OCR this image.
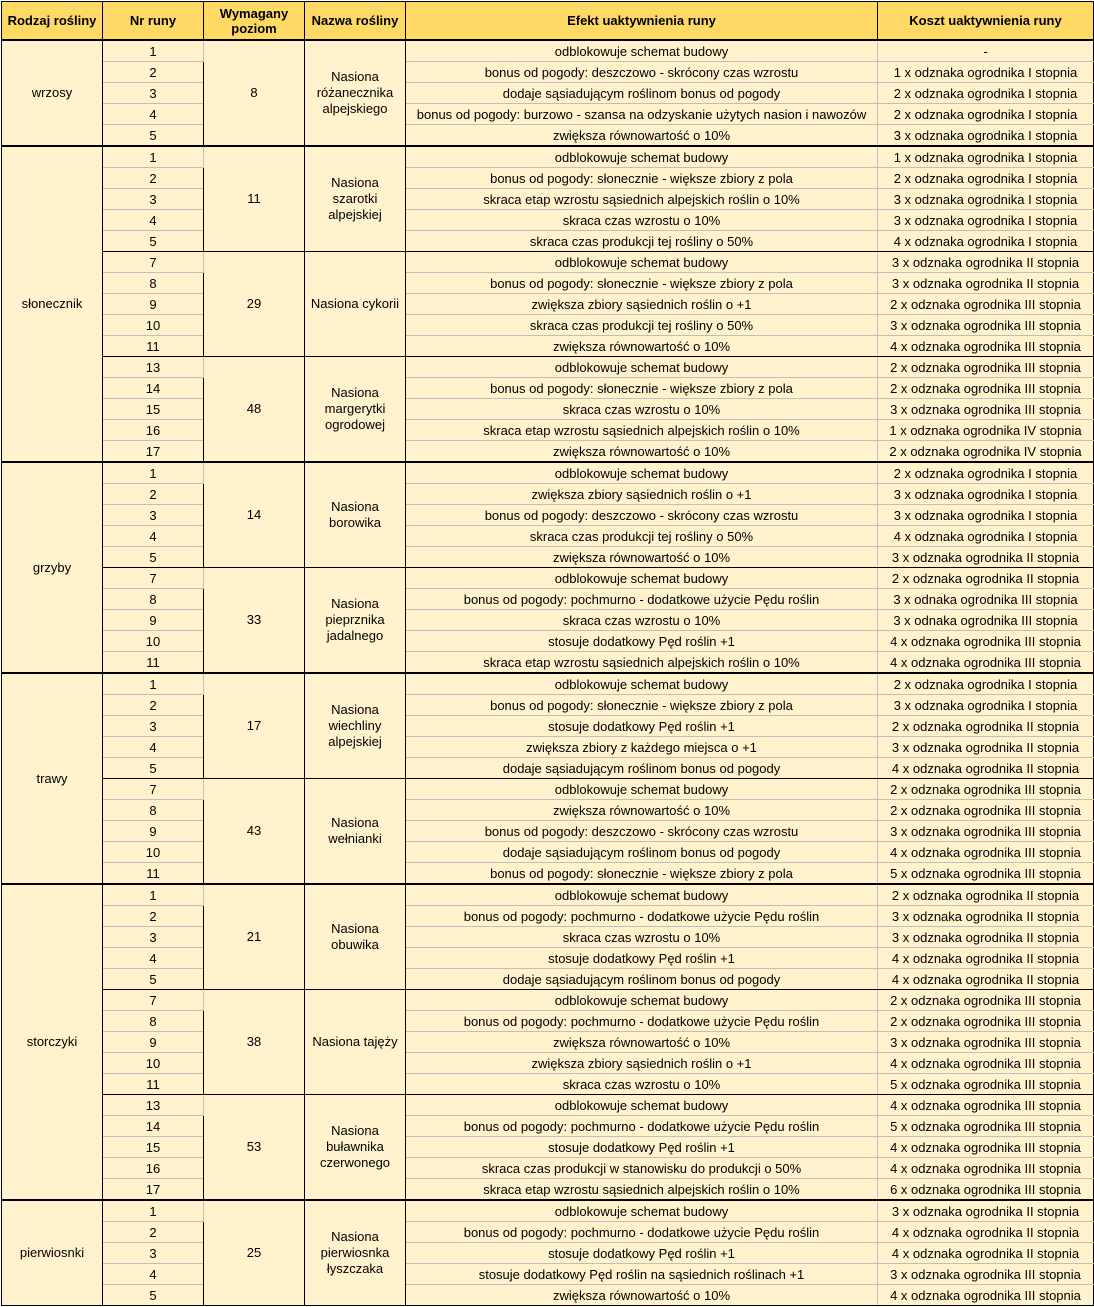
Rodzaj rośliny	Nr runy	Wymagany poziom	Nazwa rośliny	Efekt uaktywnienia runy	Koszt uaktywnienia runy
wrzosy	1	8	Nasiona różanecznika alpejskiego	odblokowuje schemat budowy	-
	2			bonus od pogody: deszczowo - skrócony czas wzrostu	1 x odznaka ogrodnika I stopnia
	3			dodaje sąsiadującym roślinom bonus od pogody	2 x odznaka ogrodnika I stopnia
	4			bonus od pogody: burzowo - szansa na odzyskanie użytych nasion i nawozów	2 x odznaka ogrodnika I stopnia
	5			zwiększa równowartość o 10%	3 x odznaka ogrodnika I stopnia
słonecznik	1	11	Nasiona szarotki alpejskiej	odblokowuje schemat budowy	1 x odznaka ogrodnika I stopnia
	2			bonus od pogody: słonecznie - większe zbiory z pola	2 x odznaka ogrodnika I stopnia
	3			skraca etap wzrostu sąsiednich alpejskich roślin o 10%	3 x odznaka ogrodnika I stopnia
	4			skraca czas wzrostu o 10%	3 x odznaka ogrodnika I stopnia
	5			skraca czas produkcji tej rośliny o 50%	4 x odznaka ogrodnika I stopnia
	7	29	Nasiona cykorii	odblokowuje schemat budowy	3 x odznaka ogrodnika II stopnia
	8			bonus od pogody: słonecznie - większe zbiory z pola	3 x odznaka ogrodnika II stopnia
	9			zwiększa zbiory sąsiednich roślin o +1	2 x odznaka ogrodnika III stopnia
	10			skraca czas produkcji tej rośliny o 50%	3 x odznaka ogrodnika III stopnia
	11			zwiększa równowartość o 10%	4 x odznaka ogrodnika III stopnia
	13	48	Nasiona margerytki ogrodowej	odblokowuje schemat budowy	2 x odznaka ogrodnika III stopnia
	14			bonus od pogody: słonecznie - większe zbiory z pola	2 x odznaka ogrodnika III stopnia
	15			skraca czas wzrostu o 10%	3 x odznaka ogrodnika III stopnia
	16			skraca etap wzrostu sąsiednich alpejskich roślin o 10%	1 x odznaka ogrodnika IV stopnia
	17			zwiększa równowartość o 10%	2 x odznaka ogrodnika IV stopnia
grzyby	1	14	Nasiona borowika	odblokowuje schemat budowy	2 x odznaka ogrodnika I stopnia
	2			zwiększa zbiory sąsiednich roślin o +1	3 x odznaka ogrodnika I stopnia
	3			bonus od pogody: deszczowo - skrócony czas wzrostu	3 x odznaka ogrodnika I stopnia
	4			skraca czas produkcji tej rośliny o 50%	4 x odznaka ogrodnika I stopnia
	5			zwiększa równowartość o 10%	3 x odznaka ogrodnika II stopnia
	7	33	Nasiona pieprznika jadalnego	odblokowuje schemat budowy	2 x odznaka ogrodnika II stopnia
	8			bonus od pogody: pochmurno - dodatkowe użycie Pędu roślin	3 x odnaka ogrodnika III stopnia
	9			skraca czas wzrostu o 10%	3 x odnaka ogrodnika III stopnia
	10			stosuje dodatkowy Pęd roślin +1	4 x odznaka ogrodnika III stopnia
	11			skraca etap wzrostu sąsiednich alpejskich roślin o 10%	4 x odznaka ogrodnika III stopnia
trawy	1	17	Nasiona wiechliny alpejskiej	odblokowuje schemat budowy	2 x odznaka ogrodnika I stopnia
	2			bonus od pogody: słonecznie - większe zbiory z pola	3 x odznaka ogrodnika I stopnia
	3			stosuje dodatkowy Pęd roślin +1	2 x odznaka ogrodnika II stopnia
	4			zwiększa zbiory z każdego miejsca o +1	3 x odznaka ogrodnika II stopnia
	5			dodaje sąsiadującym roślinom bonus od pogody	4 x odznaka ogrodnika II stopnia
	7	43	Nasiona wełnianki	odblokowuje schemat budowy	2 x odznaka ogrodnika III stopnia
	8			zwiększa równowartość o 10%	2 x odznaka ogrodnika III stopnia
	9			bonus od pogody: deszczowo - skrócony czas wzrostu	3 x odznaka ogrodnika III stopnia
	10			dodaje sąsiadującym roślinom bonus od pogody	4 x odznaka ogrodnika III stopnia
	11			bonus od pogody: słonecznie - większe zbiory z pola	5 x odznaka ogrodnika III stopnia
storczyki	1	21	Nasiona obuwika	odblokowuje schemat budowy	2 x odznaka ogrodnika II stopnia
	2			bonus od pogody: pochmurno - dodatkowe użycie Pędu roślin	3 x odznaka ogrodnika II stopnia
	3			skraca czas wzrostu o 10%	3 x odznaka ogrodnika II stopnia
	4			stosuje dodatkowy Pęd roślin +1	4 x odznaka ogrodnika II stopnia
	5			dodaje sąsiadującym roślinom bonus od pogody	4 x odznaka ogrodnika II stopnia
	7	38	Nasiona tajęży	odblokowuje schemat budowy	2 x odznaka ogrodnika III stopnia
	8			bonus od pogody: pochmurno - dodatkowe użycie Pędu roślin	2 x odznaka ogrodnika III stopnia
	9			zwiększa równowartość o 10%	3 x odznaka ogrodnika III stopnia
	10			zwiększa zbiory sąsiednich roślin o +1	4 x odznaka ogrodnika III stopnia
	11			skraca czas wzrostu o 10%	5 x odznaka ogrodnika III stopnia
	13	53	Nasiona buławnika czerwonego	odblokowuje schemat budowy	4 x odznaka ogrodnika III stopnia
	14			bonus od pogody: pochmurno - dodatkowe użycie Pędu roślin	5 x odznaka ogrodnika III stopnia
	15			stosuje dodatkowy Pęd roślin +1	4 x odznaka ogrodnika III stopnia
	16			skraca czas produkcji w stanowisku do produkcji o 50%	4 x odznaka ogrodnika III stopnia
	17			skraca etap wzrostu sąsiednich alpejskich roślin o 10%	6 x odznaka ogrodnika III stopnia
pierwiosnki	1	25	Nasiona pierwiosnka łyszczaka	odblokowuje schemat budowy	3 x odznaka ogrodnika II stopnia
	2			bonus od pogody: pochmurno - dodatkowe użycie Pędu roślin	4 x odznaka ogrodnika II stopnia
	3			stosuje dodatkowy Pęd roślin +1	4 x odznaka ogrodnika II stopnia
	4			stosuje dodatkowy Pęd roślin na sąsiednich roślinach +1	3 x odznaka ogrodnika III stopnia
	5			zwiększa równowartość o 10%	4 x odznaka ogrodnika III stopnia
